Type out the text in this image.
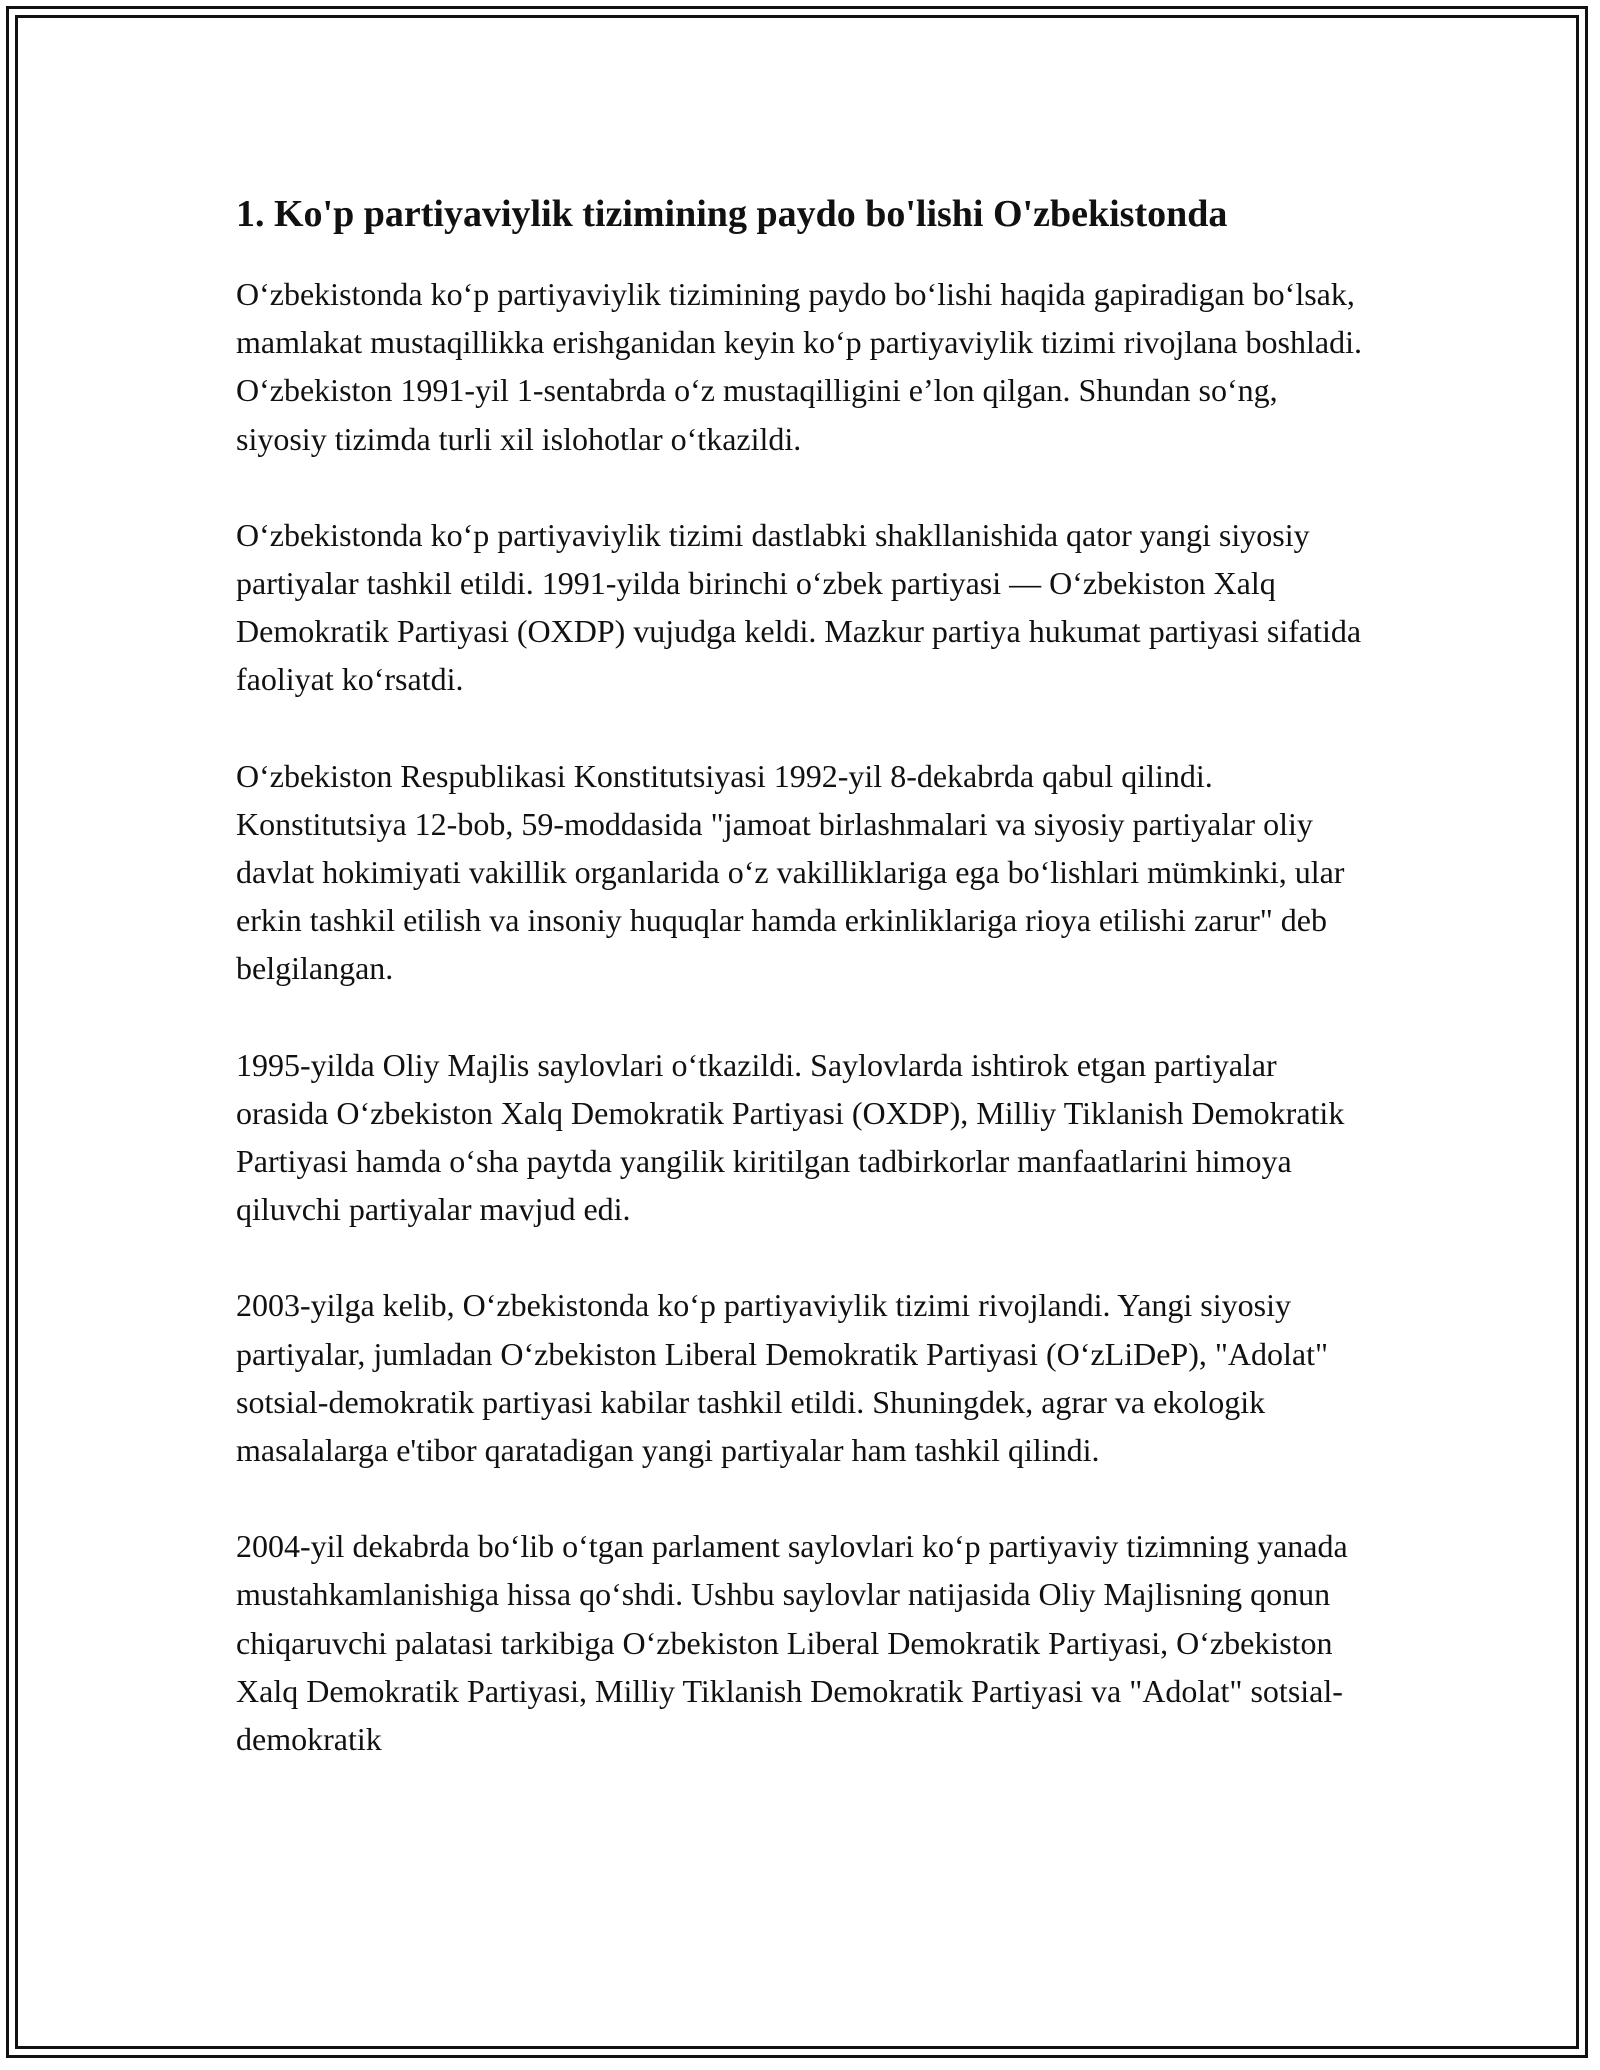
1. Ko'p partiyaviylik tizimining paydo bo'lishi O'zbekistonda

O‘zbekistonda ko‘p partiyaviylik tizimining paydo bo‘lishi haqida gapiradigan bo‘lsak, mamlakat mustaqillikka erishganidan keyin ko‘p partiyaviylik tizimi rivojlana boshladi. O‘zbekiston 1991-yil 1-sentabrda o‘z mustaqilligini e’lon qilgan. Shundan so‘ng, siyosiy tizimda turli xil islohotlar o‘tkazildi.

O‘zbekistonda ko‘p partiyaviylik tizimi dastlabki shakllanishida qator yangi siyosiy partiyalar tashkil etildi. 1991-yilda birinchi o‘zbek partiyasi — O‘zbekiston Xalq Demokratik Partiyasi (OXDP) vujudga keldi. Mazkur partiya hukumat partiyasi sifatida faoliyat ko‘rsatdi.

O‘zbekiston Respublikasi Konstitutsiyasi 1992-yil 8-dekabrda qabul qilindi. Konstitutsiya 12-bob, 59-moddasida "jamoat birlashmalari va siyosiy partiyalar oliy davlat hokimiyati vakillik organlarida o‘z vakilliklariga ega bo‘lishlari mümkinki, ular erkin tashkil etilish va insoniy huquqlar hamda erkinliklariga rioya etilishi zarur" deb belgilangan.

1995-yilda Oliy Majlis saylovlari o‘tkazildi. Saylovlarda ishtirok etgan partiyalar orasida O‘zbekiston Xalq Demokratik Partiyasi (OXDP), Milliy Tiklanish Demokratik Partiyasi hamda o‘sha paytda yangilik kiritilgan tadbirkorlar manfaatlarini himoya qiluvchi partiyalar mavjud edi.

2003-yilga kelib, O‘zbekistonda ko‘p partiyaviylik tizimi rivojlandi. Yangi siyosiy partiyalar, jumladan O‘zbekiston Liberal Demokratik Partiyasi (O‘zLiDeP), "Adolat" sotsial-demokratik partiyasi kabilar tashkil etildi. Shuningdek, agrar va ekologik masalalarga e'tibor qaratadigan yangi partiyalar ham tashkil qilindi.

2004-yil dekabrda bo‘lib o‘tgan parlament saylovlari ko‘p partiyaviy tizimning yanada mustahkamlanishiga hissa qo‘shdi. Ushbu saylovlar natijasida Oliy Majlisning qonun chiqaruvchi palatasi tarkibiga O‘zbekiston Liberal Demokratik Partiyasi, O‘zbekiston Xalq Demokratik Partiyasi, Milliy Tiklanish Demokratik Partiyasi va "Adolat" sotsial-demokratik
